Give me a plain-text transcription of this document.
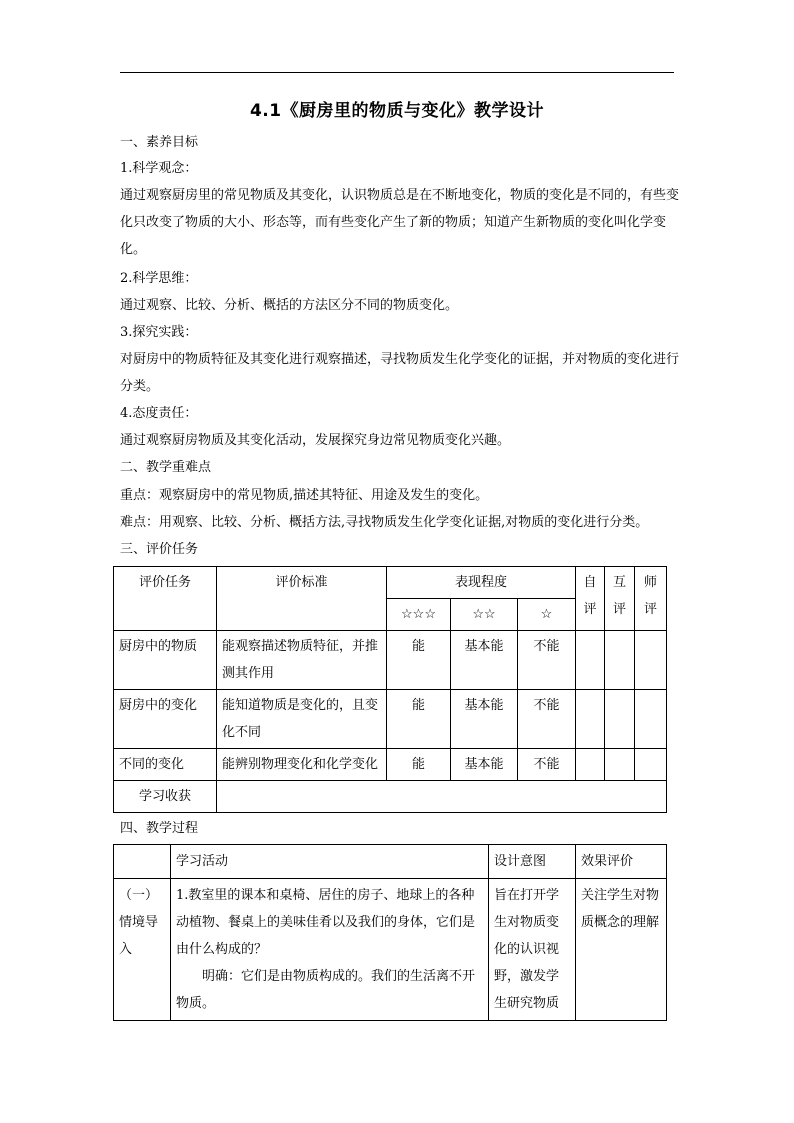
4.1《厨房里的物质与变化》教学设计
一、素养目标
1.科学观念：
通过观察厨房里的常见物质及其变化，认识物质总是在不断地变化，物质的变化是不同的，有些变化只改变了物质的大小、形态等，而有些变化产生了新的物质；知道产生新物质的变化叫化学变化。
2.科学思维：
通过观察、比较、分析、概括的方法区分不同的物质变化。
3.探究实践：
对厨房中的物质特征及其变化进行观察描述，寻找物质发生化学变化的证据，并对物质的变化进行分类。
4.态度责任：
通过观察厨房物质及其变化活动，发展探究身边常见物质变化兴趣。
二、教学重难点
重点：观察厨房中的常见物质,描述其特征、用途及发生的变化。
难点：用观察、比较、分析、概括方法,寻找物质发生化学变化证据,对物质的变化进行分类。
三、评价任务
评价任务	评价标准	表现程度			自评	互评	师评
		☆☆☆	☆☆	☆			
厨房中的物质	能观察描述物质特征，并推测其作用	能	基本能	不能			
厨房中的变化	能知道物质是变化的，且变化不同	能	基本能	不能			
不同的变化	能辨别物理变化和化学变化	能	基本能	不能			
学习收获							
四、教学过程
	学习活动	设计意图	效果评价
（一）情境导入	1.教室里的课本和桌椅、居住的房子、地球上的各种动植物、餐桌上的美味佳肴以及我们的身体，它们是由什么构成的？
明确：它们是由物质构成的。我们的生活离不开物质。	旨在打开学生对物质变化的认识视野，激发学生研究物质	关注学生对物质概念的理解
